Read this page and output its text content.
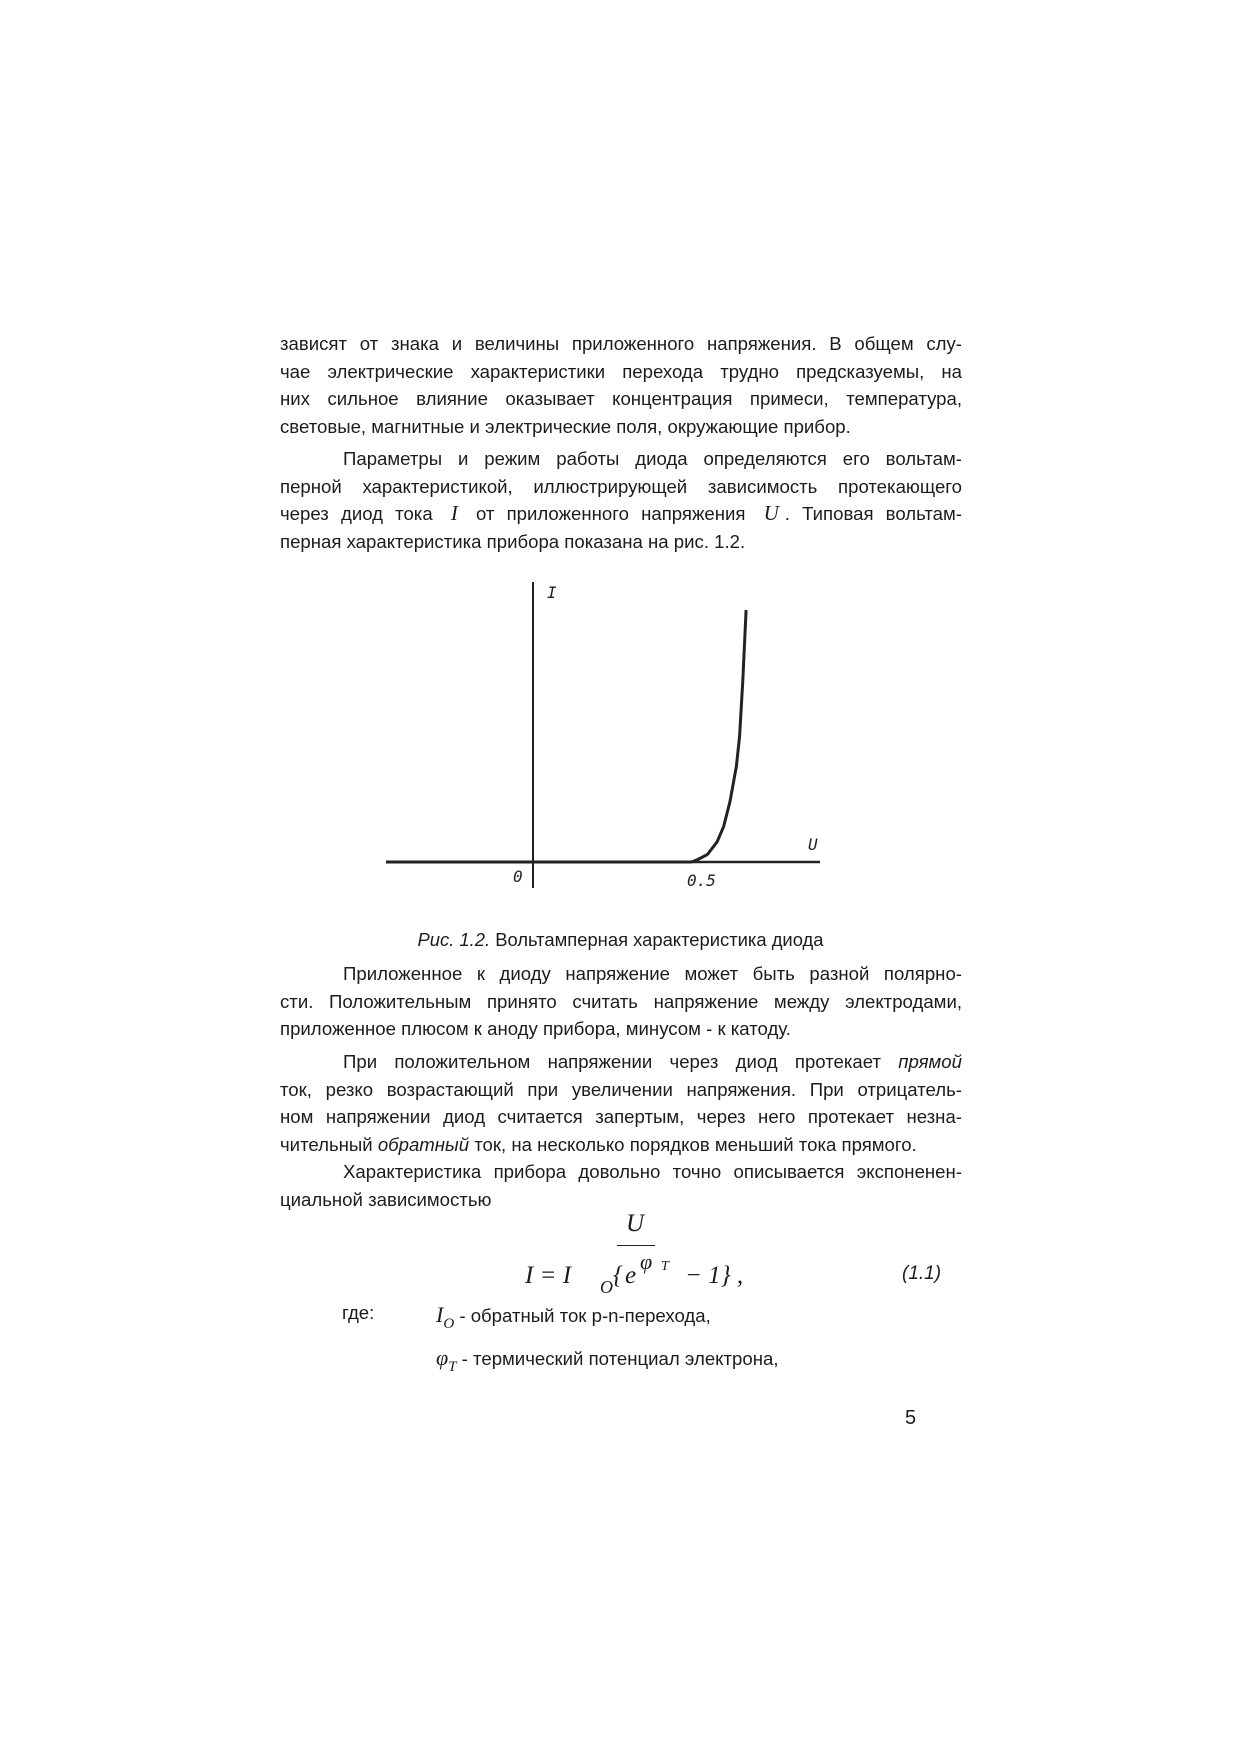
зависят от знака и величины приложенного напряжения. В общем слу-
чае электрические характеристики перехода трудно предсказуемы, на
них сильное влияние оказывает концентрация примеси, температура,
световые, магнитные и электрические поля, окружающие прибор.
Параметры и режим работы диода определяются его вольтам-
перной характеристикой, иллюстрирующей зависимость протекающего
через диод тока I от приложенного напряжения U . Типовая вольтам-
перная характеристика прибора показана на рис. 1.2.
I
U
0	0.5
Рис. 1.2. Вольтамперная характеристика диода
Приложенное к диоду напряжение может быть разной полярно-
сти. Положительным принято считать напряжение между электродами,
приложенное плюсом к аноду прибора, минусом - к катоду.
При положительном напряжении через диод протекает прямой
ток, резко возрастающий при увеличении напряжения. При отрицатель-
ном напряжении диод считается запертым, через него протекает незна-
чительный обратный ток, на несколько порядков меньший тока прямого.
Характеристика прибора довольно точно описывается экспоненен-
циальной зависимостью
U
I = I O { e
φ T − 1} ,	(1.1)
где:	$I_O$ - обратный ток p-n-перехода,
$\varphi_T$ - термический потенциал электрона,
5
